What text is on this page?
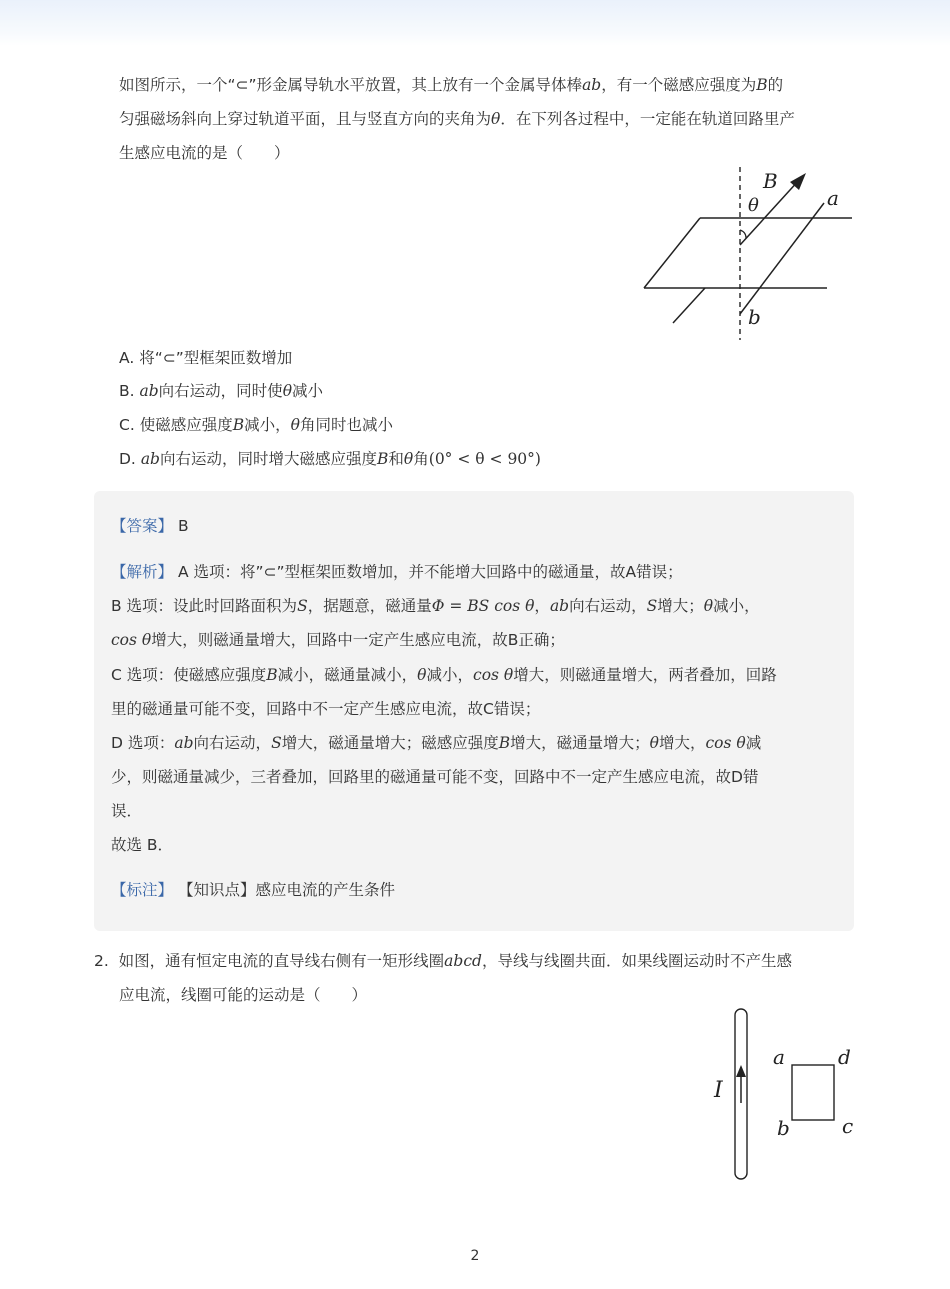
如图所示，一个“⊂”形金属导轨水平放置，其上放有一个金属导体棒ab，有一个磁感应强度为B的
匀强磁场斜向上穿过轨道平面，且与竖直方向的夹角为θ．在下列各过程中，一定能在轨道回路里产
生感应电流的是（　　）
B
θ	a
b
A. 将“⊂”型框架匝数增加
B. ab向右运动，同时使θ减小
C. 使磁感应强度B减小，θ角同时也减小
D. ab向右运动，同时增大磁感应强度B和θ角(0° < θ < 90°)
【答案】 B
【解析】 A 选项：将”⊂”型框架匝数增加，并不能增大回路中的磁通量，故A错误；
B 选项：设此时回路面积为S，据题意，磁通量Φ = BS cos θ，ab向右运动，S增大；θ减小，
cos θ增大，则磁通量增大，回路中一定产生感应电流，故B正确；
C 选项：使磁感应强度B减小，磁通量减小，θ减小，cos θ增大，则磁通量增大，两者叠加，回路
里的磁通量可能不变，回路中不一定产生感应电流，故C错误；
D 选项：ab向右运动，S增大，磁通量增大；磁感应强度B增大，磁通量增大；θ增大，cos θ减
少，则磁通量减少，三者叠加，回路里的磁通量可能不变，回路中不一定产生感应电流，故D错
误．
故选 B．
【标注】 【知识点】感应电流的产生条件
2. 如图，通有恒定电流的直导线右侧有一矩形线圈abcd，导线与线圈共面．如果线圈运动时不产生感
应电流，线圈可能的运动是（　　）
I
a	d
b	c
2
